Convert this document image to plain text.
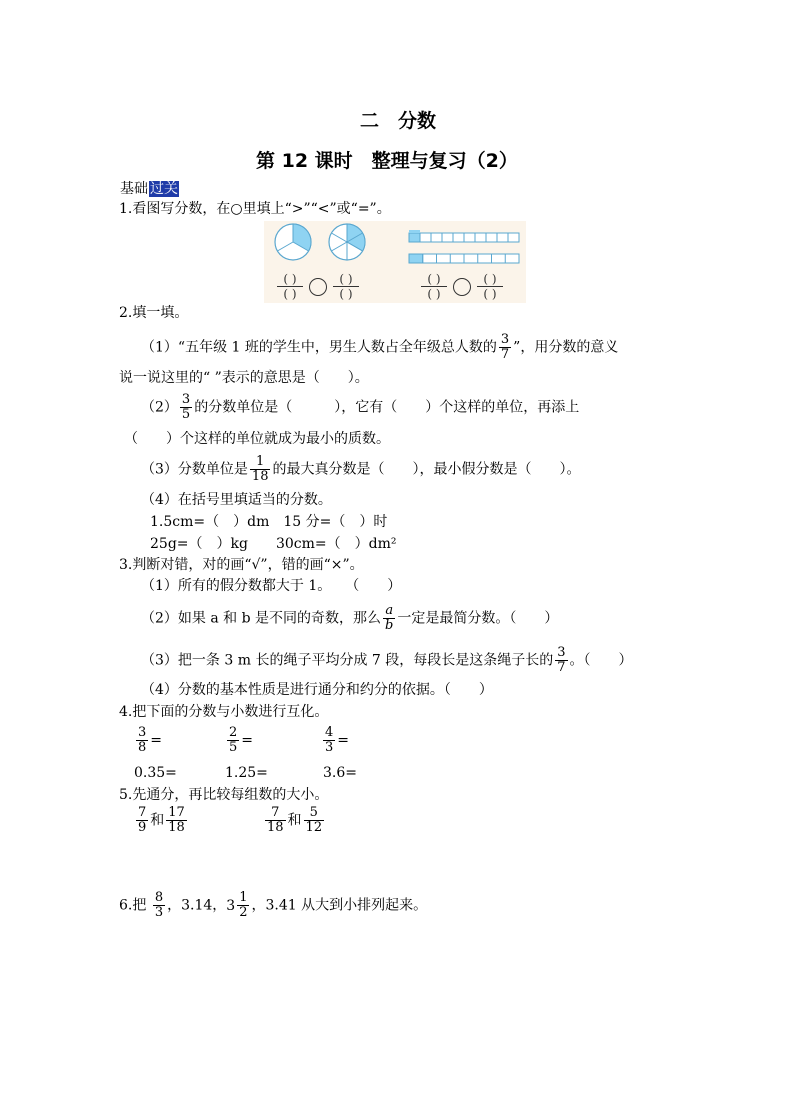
二　分数
第 12 课时　整理与复习（2）
基础 过关
1.看图写分数，在○里填上“>”“<”或“=”。
$\frac{( )}{( )}$	$\frac{( )}{( )}$	$\frac{( )}{( )}$	$\frac{( )}{( )}$
2.填一填。
（1）“五年级 1 班的学生中，男生人数占全年级总人数的 $\frac{3}{7}$ ”，用分数的意义
说一说这里的“ ”表示的意思是（　　）。
$(2) \frac{3}{5}$ 的分数单位是（　　　），它有（　　）个这样的单位，再添上
（　　）个这样的单位就成为最小的质数。
（3）分数单位是 $\frac{1}{18}$ 的最大真分数是（　　），最小假分数是（　　）。
（4）在括号里填适当的分数。
1.5cm=（　）dm　15 分=（　）时
25g=（　）kg　　30cm=（　）dm²
3.判断对错，对的画“√”，错的画“×”。
（1）所有的假分数都大于 1。　　（　　）
（2）如果 a 和 b 是不同的奇数，那么 $\frac{a}{b}$ 一定是最简分数。（　　）
（3）把一条 3 m 长的绳子平均分成 7 段，每段长是这条绳子长的 $\frac{3}{7}$ 。（　　）
（4）分数的基本性质是进行通分和约分的依据。（　　）
4.把下面的分数与小数进行互化。
$\frac{3}{8}$ =	$\frac{2}{5}$ =	$\frac{4}{3}$ =
0.35=	1.25=	3.6=
5.先通分，再比较每组数的大小。
$\frac{7}{9}$ 和 $\frac{17}{18}$	$\frac{7}{18}$ 和 $\frac{5}{12}$
6.把 $\frac{8}{3}$ ，3.14， $3 \frac{1}{2}$ ，3.41 从大到小排列起来。
